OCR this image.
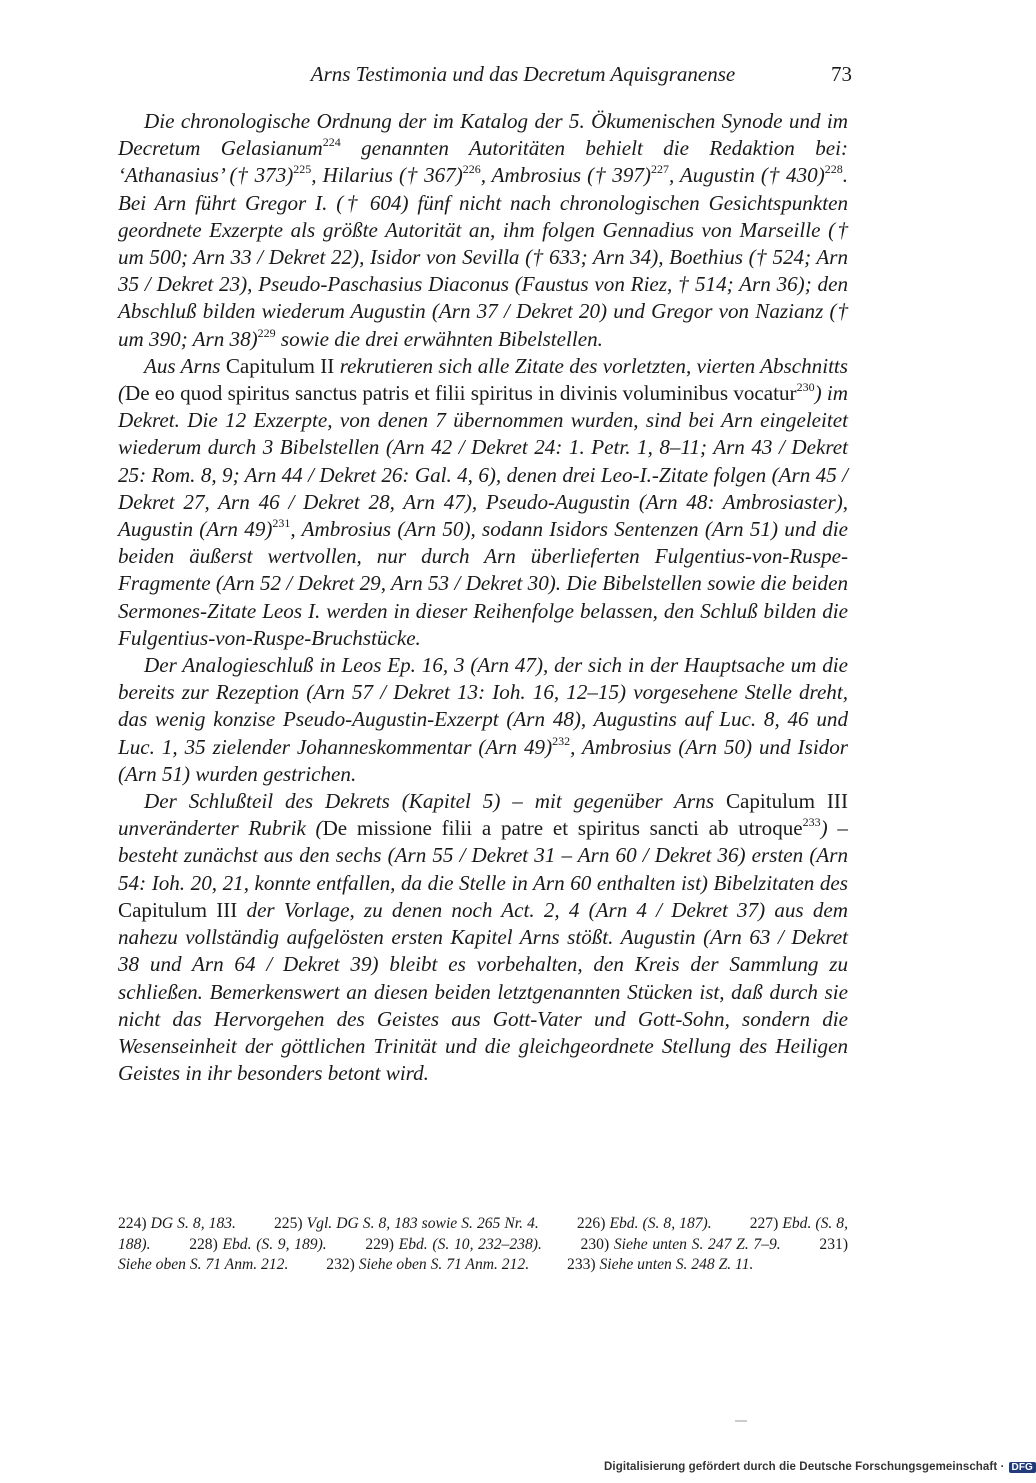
Arns Testimonia und das Decretum Aquisgranense	73

Die chronologische Ordnung der im Katalog der 5. Ökumenischen Synode und im Decretum Gelasianum$^{224}$ genannten Autoritäten behielt die Redaktion bei: ‘Athanasius’ († 373)$^{225}$, Hilarius († 367)$^{226}$, Ambrosius († 397)$^{227}$, Augustin († 430)$^{228}$. Bei Arn führt Gregor I. († 604) fünf nicht nach chronologischen Gesichtspunkten geordnete Exzerpte als größte Autorität an, ihm folgen Gennadius von Marseille († um 500; Arn 33 / Dekret 22), Isidor von Sevilla († 633; Arn 34), Boethius († 524; Arn 35 / Dekret 23), Pseudo-Paschasius Diaconus (Faustus von Riez, † 514; Arn 36); den Abschluß bilden wiederum Augustin (Arn 37 / Dekret 20) und Gregor von Nazianz († um 390; Arn 38)$^{229}$ sowie die drei erwähnten Bibelstellen.

Aus Arns Capitulum II rekrutieren sich alle Zitate des vorletzten, vierten Abschnitts (De eo quod spiritus sanctus patris et filii spiritus in divinis voluminibus vocatur$^{230}$) im Dekret. Die 12 Exzerpte, von denen 7 übernommen wurden, sind bei Arn eingeleitet wiederum durch 3 Bibelstellen (Arn 42 / Dekret 24: 1. Petr. 1, 8–11; Arn 43 / Dekret 25: Rom. 8, 9; Arn 44 / Dekret 26: Gal. 4, 6), denen drei Leo-I.-Zitate folgen (Arn 45 / Dekret 27, Arn 46 / Dekret 28, Arn 47), Pseudo-Augustin (Arn 48: Ambrosiaster), Augustin (Arn 49)$^{231}$, Ambrosius (Arn 50), sodann Isidors Sentenzen (Arn 51) und die beiden äußerst wertvollen, nur durch Arn überlieferten Fulgentius-von-Ruspe-Fragmente (Arn 52 / Dekret 29, Arn 53 / Dekret 30). Die Bibelstellen sowie die beiden Sermones-Zitate Leos I. werden in dieser Reihenfolge belassen, den Schluß bilden die Fulgentius-von-Ruspe-Bruchstücke.

Der Analogieschluß in Leos Ep. 16, 3 (Arn 47), der sich in der Hauptsache um die bereits zur Rezeption (Arn 57 / Dekret 13: Ioh. 16, 12–15) vorgesehene Stelle dreht, das wenig konzise Pseudo-Augustin-Exzerpt (Arn 48), Augustins auf Luc. 8, 46 und Luc. 1, 35 zielender Johanneskommentar (Arn 49)$^{232}$, Ambrosius (Arn 50) und Isidor (Arn 51) wurden gestrichen.

Der Schlußteil des Dekrets (Kapitel 5) – mit gegenüber Arns Capitulum III unveränderter Rubrik (De missione filii a patre et spiritus sancti ab utroque$^{233}$) – besteht zunächst aus den sechs (Arn 55 / Dekret 31 – Arn 60 / Dekret 36) ersten (Arn 54: Ioh. 20, 21, konnte entfallen, da die Stelle in Arn 60 enthalten ist) Bibelzitaten des Capitulum III der Vorlage, zu denen noch Act. 2, 4 (Arn 4 / Dekret 37) aus dem nahezu vollständig aufgelösten ersten Kapitel Arns stößt. Augustin (Arn 63 / Dekret 38 und Arn 64 / Dekret 39) bleibt es vorbehalten, den Kreis der Sammlung zu schließen. Bemerkenswert an diesen beiden letztgenannten Stücken ist, daß durch sie nicht das Hervorgehen des Geistes aus Gott-Vater und Gott-Sohn, sondern die Wesenseinheit der göttlichen Trinität und die gleichgeordnete Stellung des Heiligen Geistes in ihr besonders betont wird.

224) DG S. 8, 183. 225) Vgl. DG S. 8, 183 sowie S. 265 Nr. 4. 226) Ebd. (S. 8, 187). 227) Ebd. (S. 8, 188). 228) Ebd. (S. 9, 189). 229) Ebd. (S. 10, 232–238). 230) Siehe unten S. 247 Z. 7–9. 231) Siehe oben S. 71 Anm. 212. 232) Siehe oben S. 71 Anm. 212. 233) Siehe unten S. 248 Z. 11.
Digitalisierung gefördert durch die Deutsche Forschungsgemeinschaft · DFG
